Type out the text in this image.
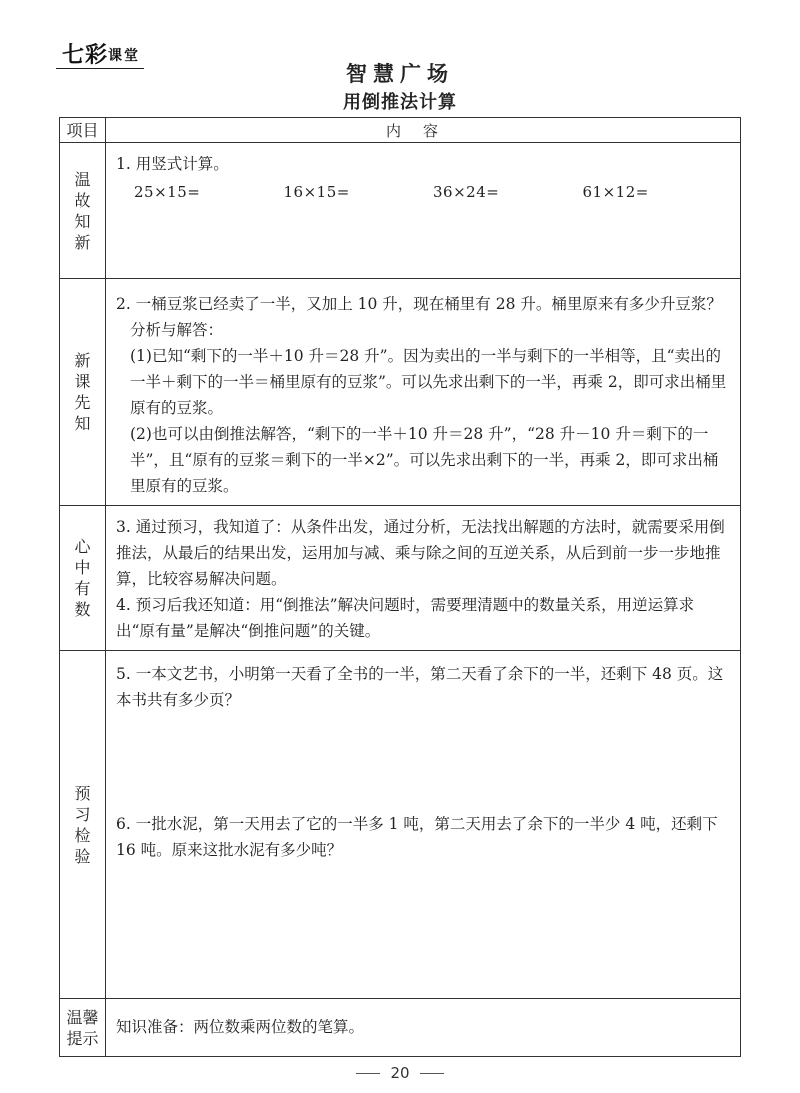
七彩课堂
智慧广场
用倒推法计算
项目	内容

温故知新	1. 用竖式计算。
25×15= 16×15= 36×24= 61×12=

新课先知	2. 一桶豆浆已经卖了一半，又加上 10 升，现在桶里有 28 升。桶里原来有多少升豆浆？
分析与解答：
(1)已知“剩下的一半＋10 升＝28 升”。因为卖出的一半与剩下的一半相等，且“卖出的一半＋剩下的一半＝桶里原有的豆浆”。可以先求出剩下的一半，再乘 2，即可求出桶里原有的豆浆。
(2)也可以由倒推法解答，“剩下的一半＋10 升＝28 升”，“28 升－10 升＝剩下的一半”，且“原有的豆浆＝剩下的一半×2”。可以先求出剩下的一半，再乘 2，即可求出桶里原有的豆浆。

心中有数	3. 通过预习，我知道了：从条件出发，通过分析，无法找出解题的方法时，就需要采用倒推法，从最后的结果出发，运用加与减、乘与除之间的互逆关系，从后到前一步一步地推算，比较容易解决问题。
4. 预习后我还知道：用“倒推法”解决问题时，需要理清题中的数量关系，用逆运算求出“原有量”是解决“倒推问题”的关键。

预习检验	5. 一本文艺书，小明第一天看了全书的一半，第二天看了余下的一半，还剩下 48 页。这本书共有多少页？
6. 一批水泥，第一天用去了它的一半多 1 吨，第二天用去了余下的一半少 4 吨，还剩下 16 吨。原来这批水泥有多少吨？

温馨提示	知识准备：两位数乘两位数的笔算。
20
